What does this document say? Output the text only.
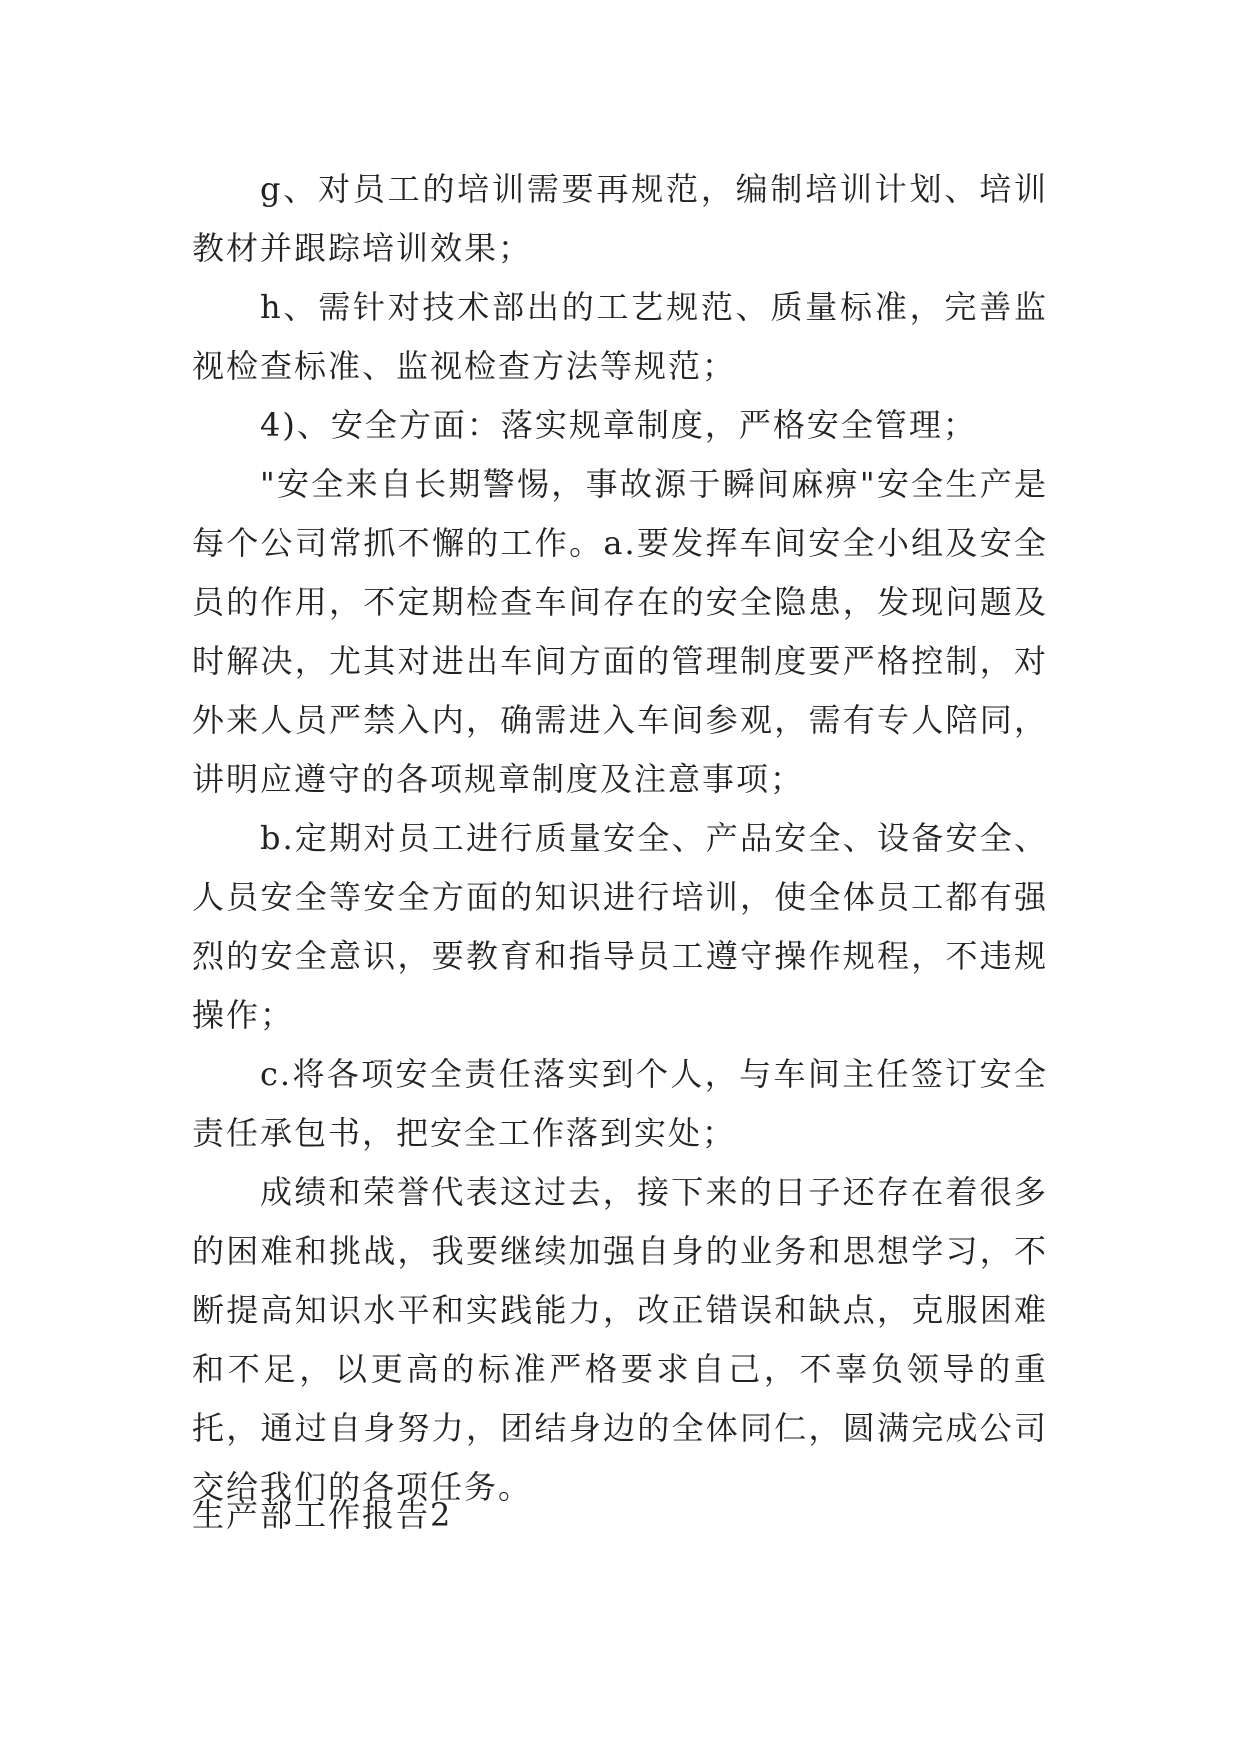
g、对员工的培训需要再规范，编制培训计划、培训教材并跟踪培训效果；

h、需针对技术部出的工艺规范、质量标准，完善监视检查标准、监视检查方法等规范；

4)、安全方面：落实规章制度，严格安全管理；

"安全来自长期警惕，事故源于瞬间麻痹"安全生产是每个公司常抓不懈的工作。a.要发挥车间安全小组及安全员的作用，不定期检查车间存在的安全隐患，发现问题及时解决，尤其对进出车间方面的管理制度要严格控制，对外来人员严禁入内，确需进入车间参观，需有专人陪同，讲明应遵守的各项规章制度及注意事项；

b.定期对员工进行质量安全、产品安全、设备安全、人员安全等安全方面的知识进行培训，使全体员工都有强烈的安全意识，要教育和指导员工遵守操作规程，不违规操作；

c.将各项安全责任落实到个人，与车间主任签订安全责任承包书，把安全工作落到实处；

成绩和荣誉代表这过去，接下来的日子还存在着很多的困难和挑战，我要继续加强自身的业务和思想学习，不断提高知识水平和实践能力，改正错误和缺点，克服困难和不足，以更高的标准严格要求自己，不辜负领导的重托，通过自身努力，团结身边的全体同仁，圆满完成公司交给我们的各项任务。

生产部工作报告2
